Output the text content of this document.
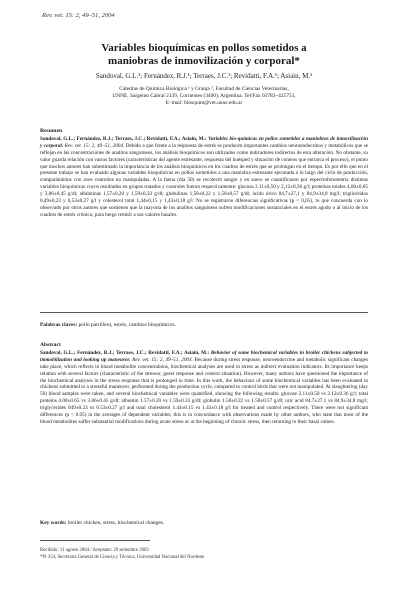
Rev. vet. 15: 2, 49–51, 2004
Variables bioquímicas en pollos sometidos a
maniobras de inmovilización y corporal*
Sandoval, G.L.¹; Fernández, R.J.¹; Terraes, J.C.¹; Revidatti, F.A.¹; Asiain, M.¹
Cátedras de Química Biológica ¹ y Granja ², Facultad de Ciencias Veterinarias,
UNNE, Sargento Cabral 2139, Corrientes (3400), Argentina. Tel/Fax 03783–425753,
E–mail: biosquim@vet.unne.edu.ar
Resumen
Sandoval, G.L.; Fernández, R.J.; Terraes, J.C.; Revidatti, F.A.; Asiain, M.: Variables bio-químicas en pollos sometidos a maniobras de inmovilización y corporal. Rev. vet. 15: 2, 49–51, 2004. Debido a que frente a la respuesta de estrés se producen importantes cambios neuroendocrinos y metabólicos que se reflejan en las concentraciones de analitos sanguíneos, los análisis bioquímicos son utilizados como indicadores indirectos de esta alteración. No obstante, su valor guarda relación con varios factores (características del agente estresante, respuesta del huésped y situación de conteos que entrarca el proceso), el punto que muchos autores han subestimado la importancia de los análisis bioquímicos en los cuadros de estrés que se prolongan en el tiempo. Es por ello que en el presente trabajo se han evaluado algunas variables bioquímicas en pollos sometidos a una maniobra estresante ejecutada a lo largo del ciclo de producción, comparándolos con aves controles no manipuladas. A la faena (día 50) se recolectó sangre y en suero se cuantificaron por espectrofotometría distintas variables bioquímicas cuyos resultados en grupos tratados y controles fueron respectivamente: glucosa 2,11±0,50 y 2,12±0,36 g/l; proteínas totales 4,00±0,65 y 3,86±0,45 g/dl; albúminas 1,57±0,20 y 1,59±0,33 g/dl; globulinas 1,58±0,22 y 1,58±0,57 g/dl; ácido úrico 84,7±27,1 y 84,9±34,8 mg/l; triglicéridos 0,49±0,23 y 0,53±0,27 g/l y colesterol total 1,44±0,15 y 1,43±0,18 g/l. No se registraron diferencias significativas (p < 0,05), lo que concuerda con lo observado por otros autores que sostienen que la mayoría de los analitos sanguíneos sufren modificaciones sustanciales en el estrés agudo o al inicio de los cuadros de estrés crónico, para luego remitir a sus valores basales.
Palabras claves: pollo parrillero, estrés, cambios bioquímicos.
Abstract
Sandoval, G.L.; Fernández, R.J.; Terraes, J.C.; Revidatti, F.A.; Asiain, M.: Behavior of some biochemical variables in broiler chickens subjected to immobilization and looking up maneuver. Rev. vet. 15: 2, 49–51, 2004. Because during stress response, neuroendocrine and metabolic significant changes take place, which reflects in blood metabolite concentrations, biochemical analyses are used in stress as indirect evaluation indicators. Its importance keeps relation with several factors (characteristic of the stressor, guest response and context situation). However, many authors have questioned the importance of the biochemical analyses in the stress response that is prolonged in time. In this work, the behaviour of some biochemical variables has been evaluated in chickens submitted to a stressful maneuver, performed during the production cycle, compared to control birds that were not manipulated. At slaughtering (day 50) blood samples were taken, and several biochemical variables were quantified, showing the following results: glucose 2.11±0.50 vs 2.12±0.36 g/l; total proteins 4.00±0.65 vs 3.86±0.45 g/dl; albumin 1.57±0.20 vs 1.59±0.33 g/dl; globulin 1.58±0.22 vs 1.58±0.57 g/dl; uric acid 84.7±27.1 vs 84.9±34.8 mg/l; triglycerides 049±0.23 vs 0.53±0.27 g/l and total cholesterol 1.44±0.15 vs 1.43±0.18 g/l for treated and control respectively. There were not significant differences (p < 0.05) in the averages of dependent variables; this is in concordance with observations made by other authors, who state that most of the blood metabolites suffer substantial modifications during acute stress or at the beginning of chronic stress, then returning to their basal values.
Key words: broiler chicken, stress, biochemical changes.
Recibido: 11 agosto 2004 / Aceptado: 29 setiembre 2003
*PI 354, Secretaría General de Ciencia y Técnica, Universidad Nacional del Nordeste
